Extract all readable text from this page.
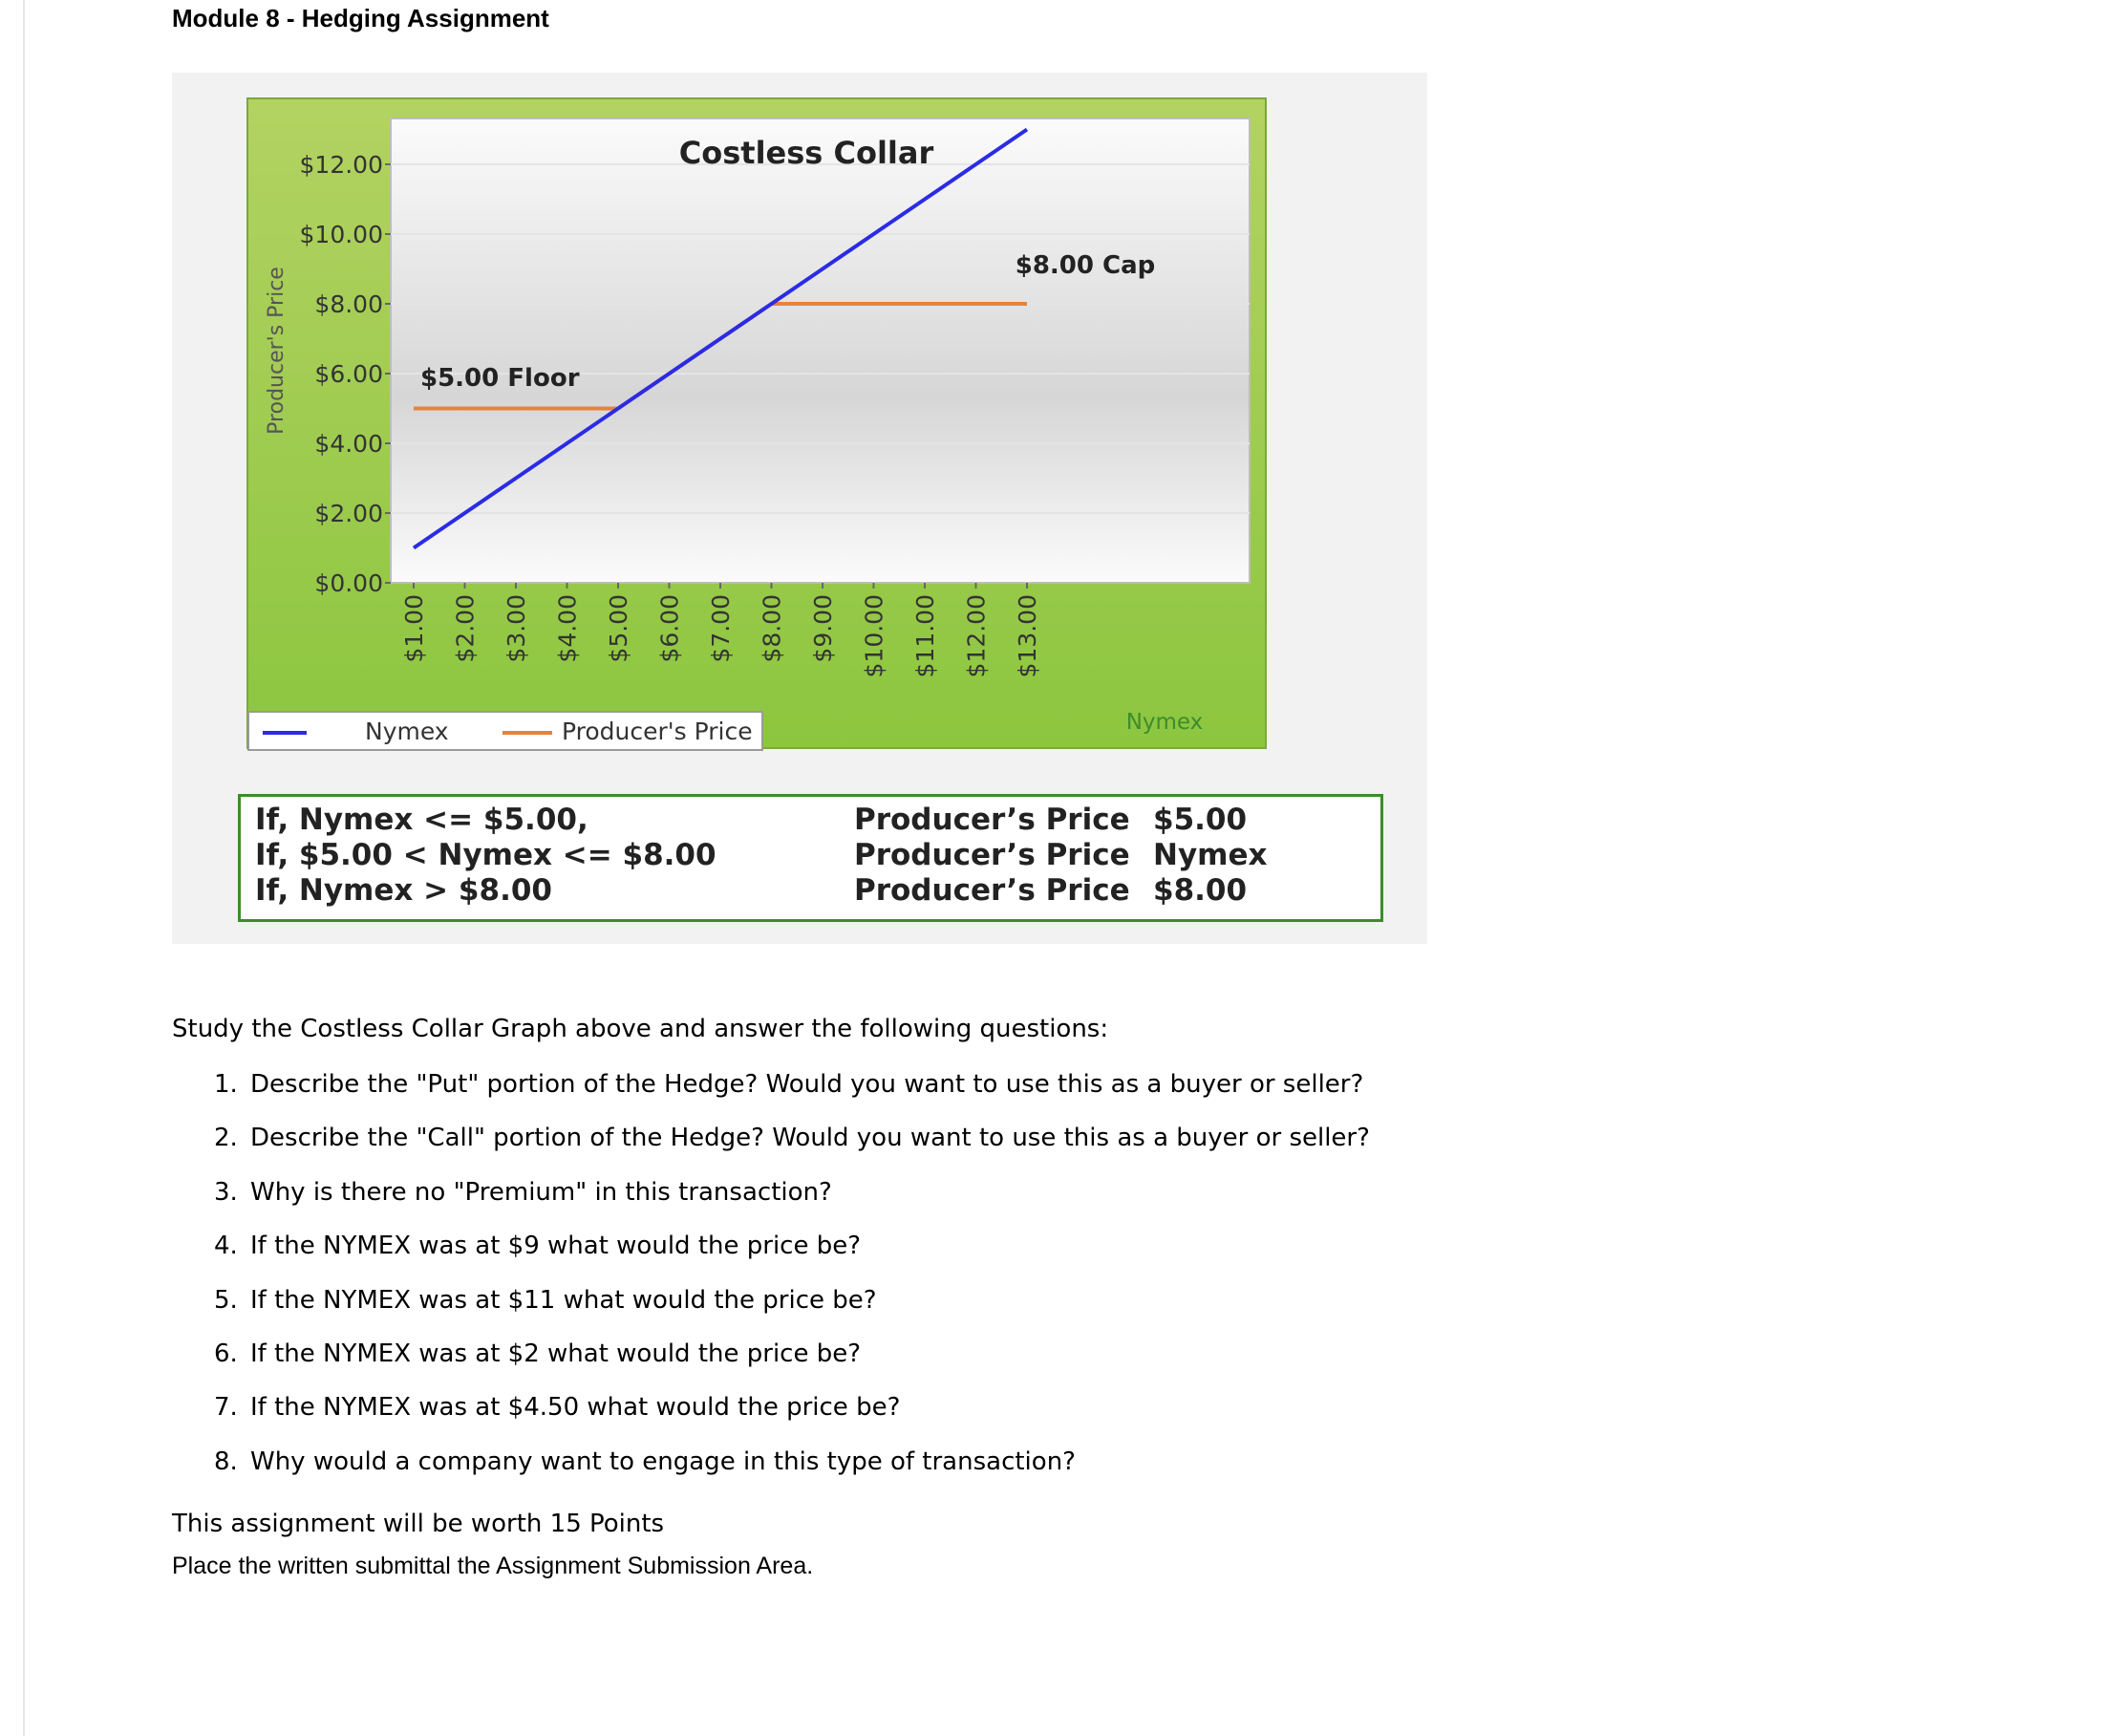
Module 8 - Hedging Assignment
$12.00
$10.00
$8.00
$6.00
$4.00
$2.00
$0.00
$1.00 $2.00 $3.00 $4.00 $5.00 $6.00 $7.00 $8.00 $9.00 $10.00 $11.00 $12.00 $13.00
Costless Collar
$5.00 Floor
$8.00 Cap
Producer's Price
Nymex
Nymex	Producer's Price
If, Nymex <= $5.00,
If, $5.00 < Nymex <= $8.00
If, Nymex > $8.00
Producer’s Price
Producer’s Price
Producer’s Price
$5.00
Nymex
$8.00
Study the Costless Collar Graph above and answer the following questions:
1. Describe the "Put" portion of the Hedge? Would you want to use this as a buyer or seller?
2. Describe the "Call" portion of the Hedge? Would you want to use this as a buyer or seller?
3. Why is there no "Premium" in this transaction?
4. If the NYMEX was at $9 what would the price be?
5. If the NYMEX was at $11 what would the price be?
6. If the NYMEX was at $2 what would the price be?
7. If the NYMEX was at $4.50 what would the price be?
8. Why would a company want to engage in this type of transaction?
This assignment will be worth 15 Points
Place the written submittal the Assignment Submission Area.
